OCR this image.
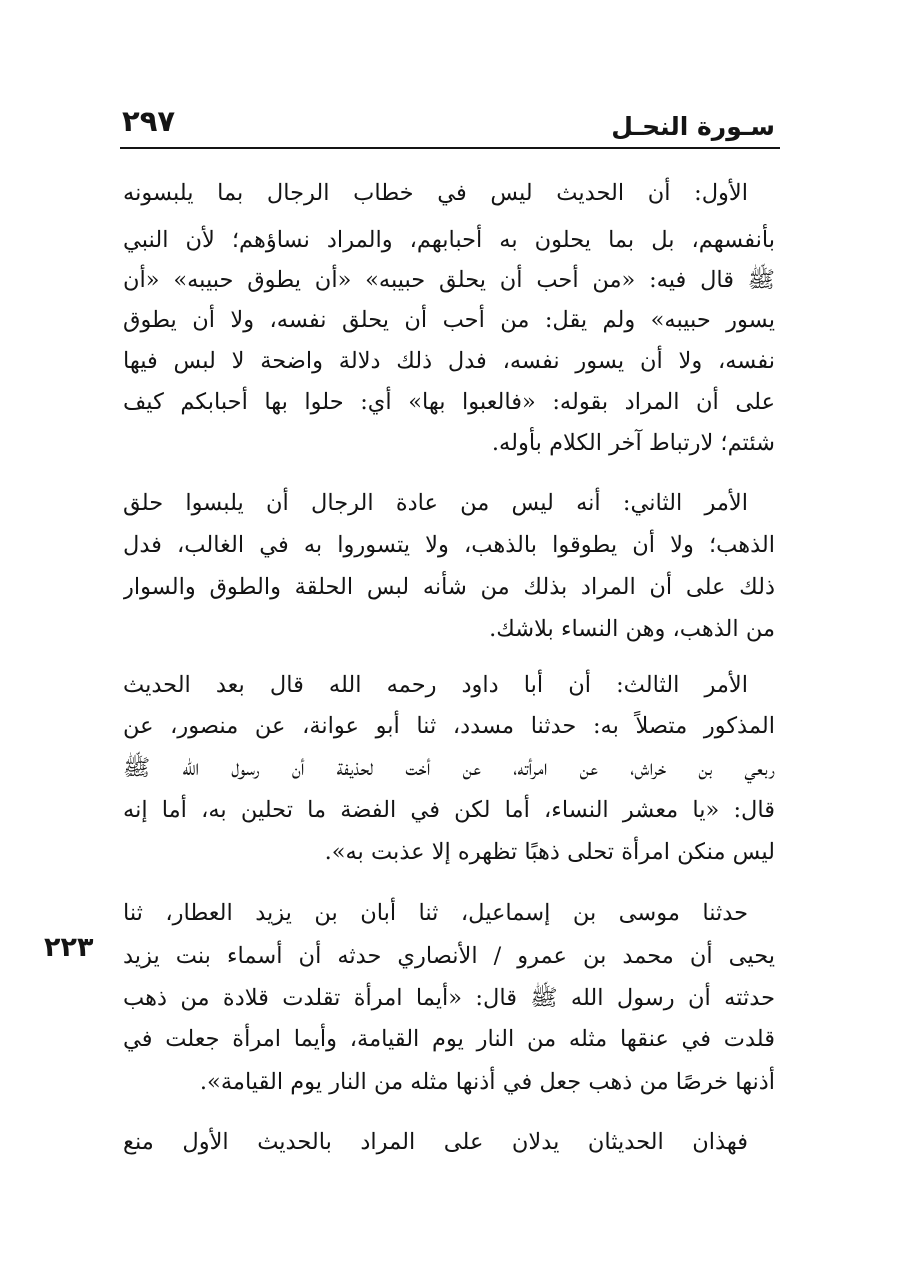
سـورة النحـل
٢٩٧
الأول: أن الحديث ليس في خطاب الرجال بما يلبسونه
بأنفسهم، بل بما يحلون به أحبابهم، والمراد نساؤهم؛ لأن النبي
ﷺ قال فيه: «من أحب أن يحلق حبيبه» «أن يطوق حبيبه» «أن
يسور حبيبه» ولم يقل: من أحب أن يحلق نفسه، ولا أن يطوق
نفسه، ولا أن يسور نفسه، فدل ذلك دلالة واضحة لا لبس فيها
على أن المراد بقوله: «فالعبوا بها» أي: حلوا بها أحبابكم كيف
شئتم؛ لارتباط آخر الكلام بأوله.
الأمر الثاني: أنه ليس من عادة الرجال أن يلبسوا حلق
الذهب؛ ولا أن يطوقوا بالذهب، ولا يتسوروا به في الغالب، فدل
ذلك على أن المراد بذلك من شأنه لبس الحلقة والطوق والسوار
من الذهب، وهن النساء بلاشك.
الأمر الثالث: أن أبا داود رحمه الله قال بعد الحديث
المذكور متصلاً به: حدثنا مسدد، ثنا أبو عوانة، عن منصور، عن
ربعي بن خراش، عن امرأته، عن أخت لحذيفة أن رسول الله ﷺ
قال: «يا معشر النساء، أما لكن في الفضة ما تحلين به، أما إنه
ليس منكن امرأة تحلى ذهبًا تظهره إلا عذبت به».
حدثنا موسى بن إسماعيل، ثنا أبان بن يزيد العطار، ثنا
يحيى أن محمد بن عمرو / الأنصاري حدثه أن أسماء بنت يزيد
حدثته أن رسول الله ﷺ قال: «أيما امرأة تقلدت قلادة من ذهب
قلدت في عنقها مثله من النار يوم القيامة، وأيما امرأة جعلت في
أذنها خرصًا من ذهب جعل في أذنها مثله من النار يوم القيامة».
فهذان الحديثان يدلان على المراد بالحديث الأول منع
٢٢٣
